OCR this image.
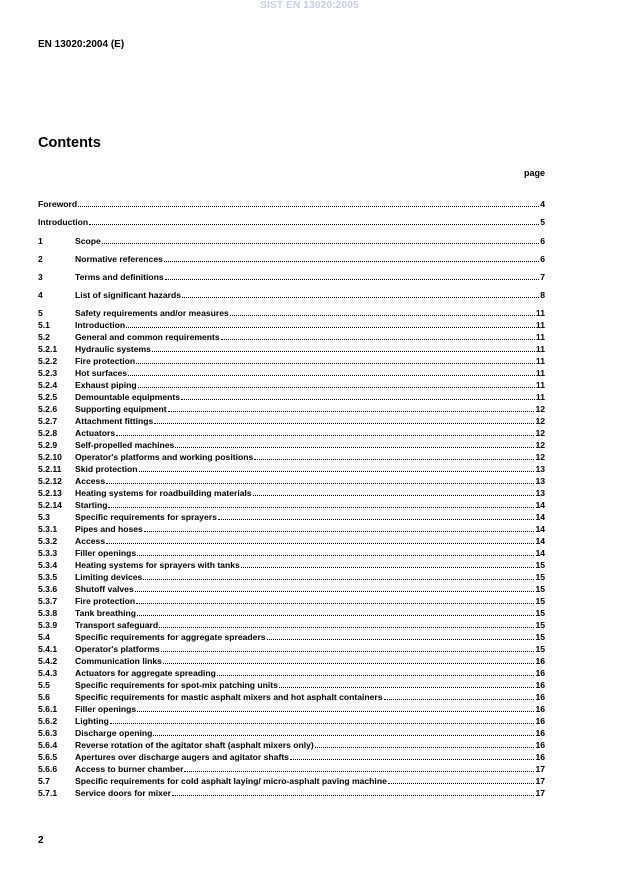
SIST EN 13020:2005
EN 13020:2004 (E)
Contents
page
Foreword	4
Introduction	5
1	Scope	6
2	Normative references	6
3	Terms and definitions	7
4	List of significant hazards	8
5	Safety requirements and/or measures	11
5.1	Introduction	11
5.2	General and common requirements	11
5.2.1	Hydraulic systems	11
5.2.2	Fire protection	11
5.2.3	Hot surfaces	11
5.2.4	Exhaust piping	11
5.2.5	Demountable equipments	11
5.2.6	Supporting equipment	12
5.2.7	Attachment fittings	12
5.2.8	Actuators	12
5.2.9	Self-propelled machines	12
5.2.10	Operator's platforms and working positions	12
5.2.11	Skid protection	13
5.2.12	Access	13
5.2.13	Heating systems for roadbuilding materials	13
5.2.14	Starting	14
5.3	Specific requirements for sprayers	14
5.3.1	Pipes and hoses	14
5.3.2	Access	14
5.3.3	Filler openings	14
5.3.4	Heating systems for sprayers with tanks	15
5.3.5	Limiting devices	15
5.3.6	Shutoff valves	15
5.3.7	Fire protection	15
5.3.8	Tank breathing	15
5.3.9	Transport safeguard	15
5.4	Specific requirements for aggregate spreaders	15
5.4.1	Operator's platforms	15
5.4.2	Communication links	16
5.4.3	Actuators for aggregate spreading	16
5.5	Specific requirements for spot-mix patching units	16
5.6	Specific requirements for mastic asphalt mixers and hot asphalt containers	16
5.6.1	Filler openings	16
5.6.2	Lighting	16
5.6.3	Discharge opening	16
5.6.4	Reverse rotation of the agitator shaft (asphalt mixers only)	16
5.6.5	Apertures over discharge augers and agitator shafts	16
5.6.6	Access to burner chamber	17
5.7	Specific requirements for cold asphalt laying/ micro-asphalt paving machine	17
5.7.1	Service doors for mixer	17
2
